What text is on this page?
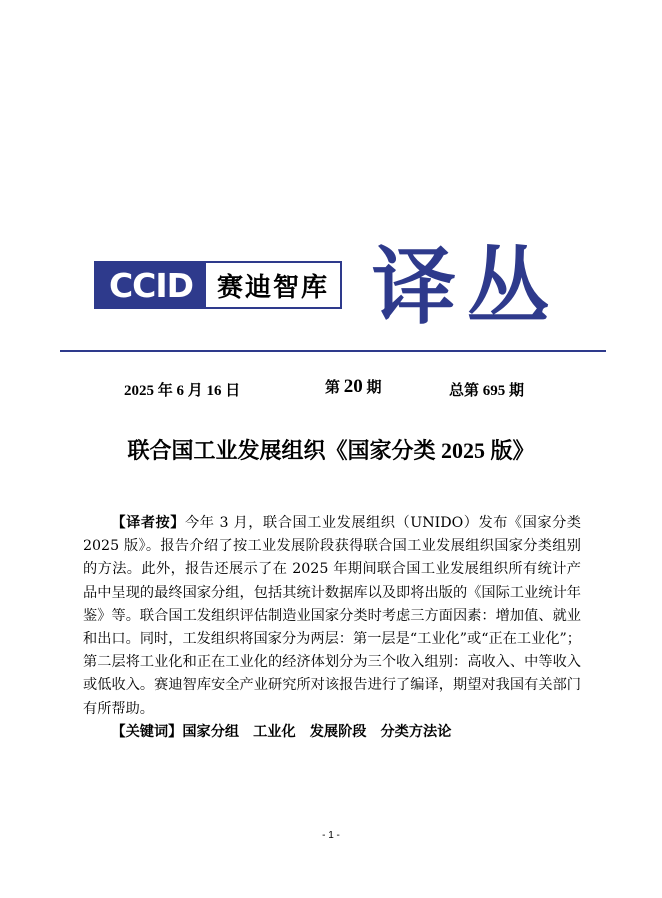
CCID 赛迪智库 译丛
2025 年 6 月 16 日	第 20 期	总第 695 期
联合国工业发展组织《国家分类 2025 版》

【译者按】今年 3 月，联合国工业发展组织（UNIDO）发布《国家分类 2025 版》。报告介绍了按工业发展阶段获得联合国工业发展组织国家分类组别的方法。此外，报告还展示了在 2025 年期间联合国工业发展组织所有统计产品中呈现的最终国家分组，包括其统计数据库以及即将出版的《国际工业统计年鉴》等。联合国工发组织评估制造业国家分类时考虑三方面因素：增加值、就业和出口。同时，工发组织将国家分为两层：第一层是“工业化”或“正在工业化”；第二层将工业化和正在工业化的经济体划分为三个收入组别：高收入、中等收入或低收入。赛迪智库安全产业研究所对该报告进行了编译，期望对我国有关部门有所帮助。

【关键词】国家分组 工业化 发展阶段 分类方法论

- 1 -
